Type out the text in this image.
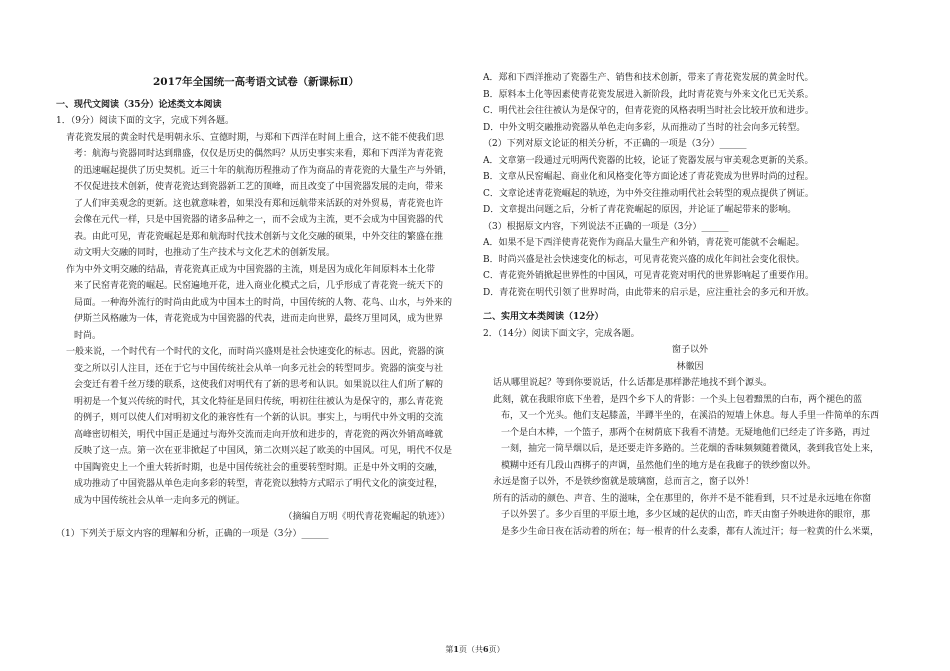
2017年全国统一高考语文试卷（新课标Ⅱ）
一、现代文阅读（35分）论述类文本阅读
1．（9分）阅读下面的文字，完成下列各题。
青花瓷发展的黄金时代是明朝永乐、宣德时期，与郑和下西洋在时间上重合，这不能不使我们思
考：航海与瓷器同时达到鼎盛，仅仅是历史的偶然吗？从历史事实来看，郑和下西洋为青花瓷
的迅速崛起提供了历史契机。近三十年的航海历程推动了作为商品的青花瓷的大量生产与外销，
不仅促进技术创新，使青花瓷达到瓷器新工艺的顶峰，而且改变了中国瓷器发展的走向，带来
了人们审美观念的更新。这也就意味着，如果没有郑和远航带来活跃的对外贸易，青花瓷也许
会像在元代一样，只是中国瓷器的诸多品种之一，而不会成为主流，更不会成为中国瓷器的代
表。由此可见，青花瓷崛起是郑和航海时代技术创新与文化交融的硕果，中外交往的繁盛在推
动文明大交融的同时，也推动了生产技术与文化艺术的创新发展。
作为中外文明交融的结晶，青花瓷真正成为中国瓷器的主流，则是因为成化年间原料本土化带
来了民窑青花瓷的崛起。民窑遍地开花，进入商业化模式之后，几乎形成了青花瓷一统天下的
局面。一种海外流行的时尚由此成为中国本土的时尚，中国传统的人物、花鸟、山水，与外来的
伊斯兰风格融为一体，青花瓷成为中国瓷器的代表，进而走向世界，最终万里同风，成为世界
时尚。
一般来说，一个时代有一个时代的文化，而时尚兴盛则是社会快速变化的标志。因此，瓷器的演
变之所以引人注目，还在于它与中国传统社会从单一向多元社会的转型同步。瓷器的演变与社
会变迁有着千丝万缕的联系，这使我们对明代有了新的思考和认识。如果说以往人们所了解的
明初是一个复兴传统的时代，其文化特征是回归传统，明初往往被认为是保守的，那么青花瓷
的例子，则可以使人们对明初文化的兼容性有一个新的认识。事实上，与明代中外文明的交流
高峰密切相关，明代中国正是通过与海外交流而走向开放和进步的，青花瓷的两次外销高峰就
反映了这一点。第一次在亚非掀起了中国风，第二次则兴起了欧美的中国风。可见，明代不仅是
中国陶瓷史上一个重大转折时期，也是中国传统社会的重要转型时期。正是中外文明的交融，
成功推动了中国瓷器从单色走向多彩的转型，青花瓷以独特方式昭示了明代文化的演变过程，
成为中国传统社会从单一走向多元的例证。
（摘编自万明《明代青花瓷崛起的轨迹》）
（1）下列关于原文内容的理解和分析，正确的一项是（3分）______
A．郑和下西洋推动了瓷器生产、销售和技术创新，带来了青花瓷发展的黄金时代。
B．原料本土化等因素使青花瓷发展进入新阶段，此时青花瓷与外来文化已无关系。
C．明代社会往往被认为是保守的，但青花瓷的风格表明当时社会比较开放和进步。
D．中外文明交融推动瓷器从单色走向多彩，从而推动了当时的社会向多元转型。
（2）下列对原文论证的相关分析，不正确的一项是（3分）______
A．文章第一段通过元明两代瓷器的比较，论证了瓷器发展与审美观念更新的关系。
B．文章从民窑崛起、商业化和风格变化等方面论述了青花瓷成为世界时尚的过程。
C．文章论述青花瓷崛起的轨迹，为中外交往推动明代社会转型的观点提供了例证。
D．文章提出问题之后，分析了青花瓷崛起的原因，并论证了崛起带来的影响。
（3）根据原文内容，下列说法不正确的一项是（3分）______
A．如果不是下西洋使青花瓷作为商品大量生产和外销，青花瓷可能就不会崛起。
B．时尚兴盛是社会快速变化的标志，可见青花瓷兴盛的成化年间社会变化很快。
C．青花瓷外销掀起世界性的中国风，可见青花瓷对明代的世界影响起了重要作用。
D．青花瓷在明代引领了世界时尚，由此带来的启示是，应注重社会的多元和开放。
二、实用文本类阅读（12分）
2．（14分）阅读下面文字，完成各题。
窗子以外
林徽因
话从哪里说起？等到你要说话，什么话都是那样渺茫地找不到个源头。
此刻，就在我眼帘底下坐着，是四个乡下人的背影：一个头上包着黯黑的白布，两个褪色的蓝
布，又一个光头。他们支起膝盖，半蹲半坐的，在溪沿的短墙上休息。每人手里一件简单的东西
一个是白木棒，一个篮子，那两个在树荫底下我看不清楚。无疑地他们已经走了许多路，再过
一刻，抽完一筒旱烟以后，是还要走许多路的。兰花烟的香味频频随着微风，袭到我官处上来，
模糊中还有几段山西梆子的声调，虽然他们坐的地方是在我廊子的铁纱窗以外。
永远是窗子以外，不是铁纱窗就是玻璃窗，总而言之，窗子以外！
所有的活动的颜色、声音、生的滋味，全在那里的，你并不是不能看到，只不过是永远地在你窗
子以外罢了。多少百里的平原土地，多少区域的起伏的山峦，昨天由窗子外映进你的眼帘，那
是多少生命日夜在活动着的所在；每一根青的什么麦黍，都有人流过汗；每一粒黄的什么米粟，
第1页（共6页）
